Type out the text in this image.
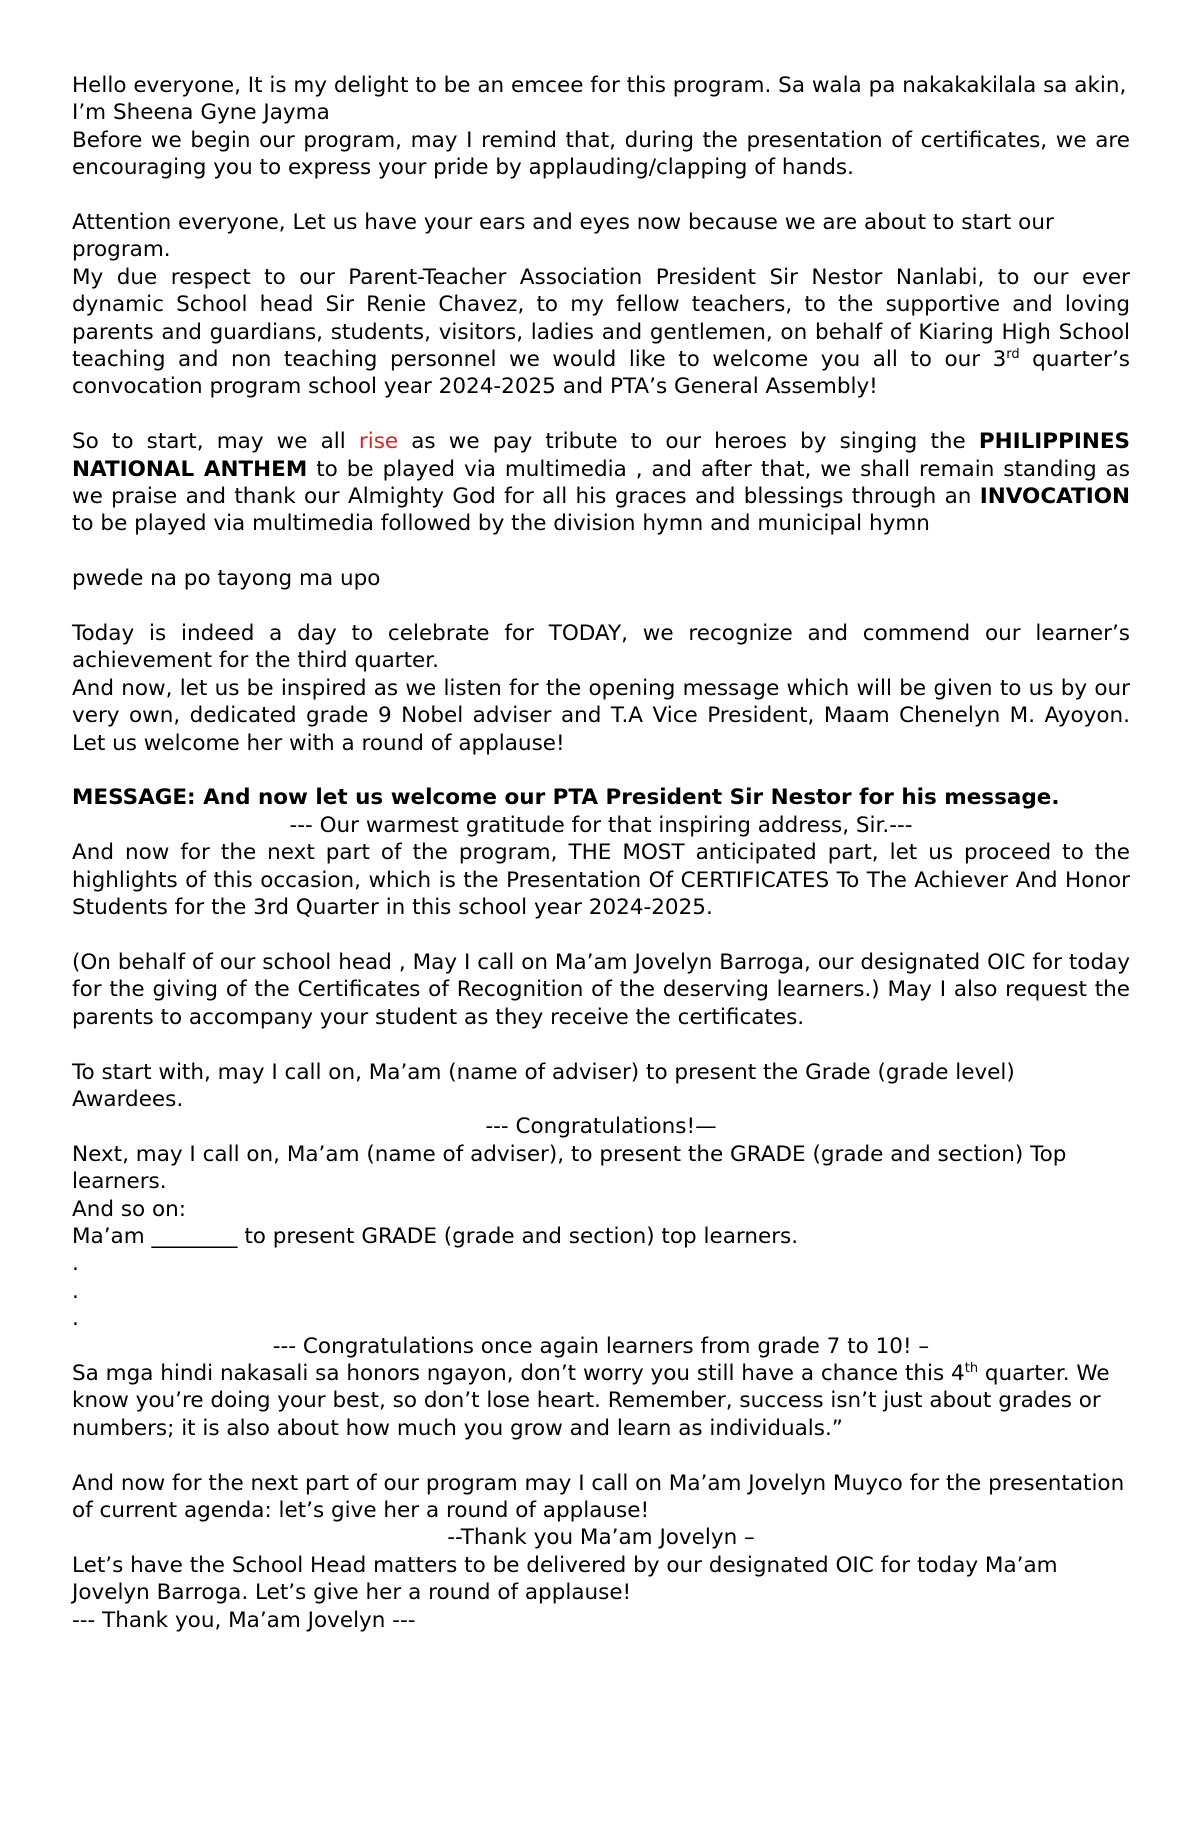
Hello everyone, It is my delight to be an emcee for this program. Sa wala pa nakakakilala sa akin, I’m Sheena Gyne Jayma

Before we begin our program, may I remind that, during the presentation of certificates, we are encouraging you to express your pride by applauding/clapping of hands.

Attention everyone, Let us have your ears and eyes now because we are about to start our program.

My due respect to our Parent-Teacher Association President Sir Nestor Nanlabi, to our ever dynamic School head Sir Renie Chavez, to my fellow teachers, to the supportive and loving parents and guardians, students, visitors, ladies and gentlemen, on behalf of Kiaring High School teaching and non teaching personnel we would like to welcome you all to our 3rd quarter’s convocation program school year 2024-2025 and PTA’s General Assembly!

So to start, may we all rise as we pay tribute to our heroes by singing the PHILIPPINES NATIONAL ANTHEM to be played via multimedia , and after that, we shall remain standing as we praise and thank our Almighty God for all his graces and blessings through an INVOCATION to be played via multimedia followed by the division hymn and municipal hymn

pwede na po tayong ma upo

Today is indeed a day to celebrate for TODAY, we recognize and commend our learner’s achievement for the third quarter.

And now, let us be inspired as we listen for the opening message which will be given to us by our very own, dedicated grade 9 Nobel adviser and T.A Vice President, Maam Chenelyn M. Ayoyon. Let us welcome her with a round of applause!

MESSAGE: And now let us welcome our PTA President Sir Nestor for his message.

--- Our warmest gratitude for that inspiring address, Sir.---

And now for the next part of the program, THE MOST anticipated part, let us proceed to the highlights of this occasion, which is the Presentation Of CERTIFICATES To The Achiever And Honor Students for the 3rd Quarter in this school year 2024-2025.

(On behalf of our school head , May I call on Ma’am Jovelyn Barroga, our designated OIC for today for the giving of the Certificates of Recognition of the deserving learners.) May I also request the parents to accompany your student as they receive the certificates.

To start with, may I call on, Ma’am (name of adviser) to present the Grade (grade level) Awardees.

--- Congratulations!—

Next, may I call on, Ma’am (name of adviser), to present the GRADE (grade and section) Top learners.

And so on:

Ma’am ________ to present GRADE (grade and section) top learners.

.

.

.

--- Congratulations once again learners from grade 7 to 10! –

Sa mga hindi nakasali sa honors ngayon, don’t worry you still have a chance this 4th quarter. We know you’re doing your best, so don’t lose heart. Remember, success isn’t just about grades or numbers; it is also about how much you grow and learn as individuals.”

And now for the next part of our program may I call on Ma’am Jovelyn Muyco for the presentation of current agenda: let’s give her a round of applause!

--Thank you Ma’am Jovelyn –

Let’s have the School Head matters to be delivered by our designated OIC for today Ma’am Jovelyn Barroga. Let’s give her a round of applause!

--- Thank you, Ma’am Jovelyn ---
